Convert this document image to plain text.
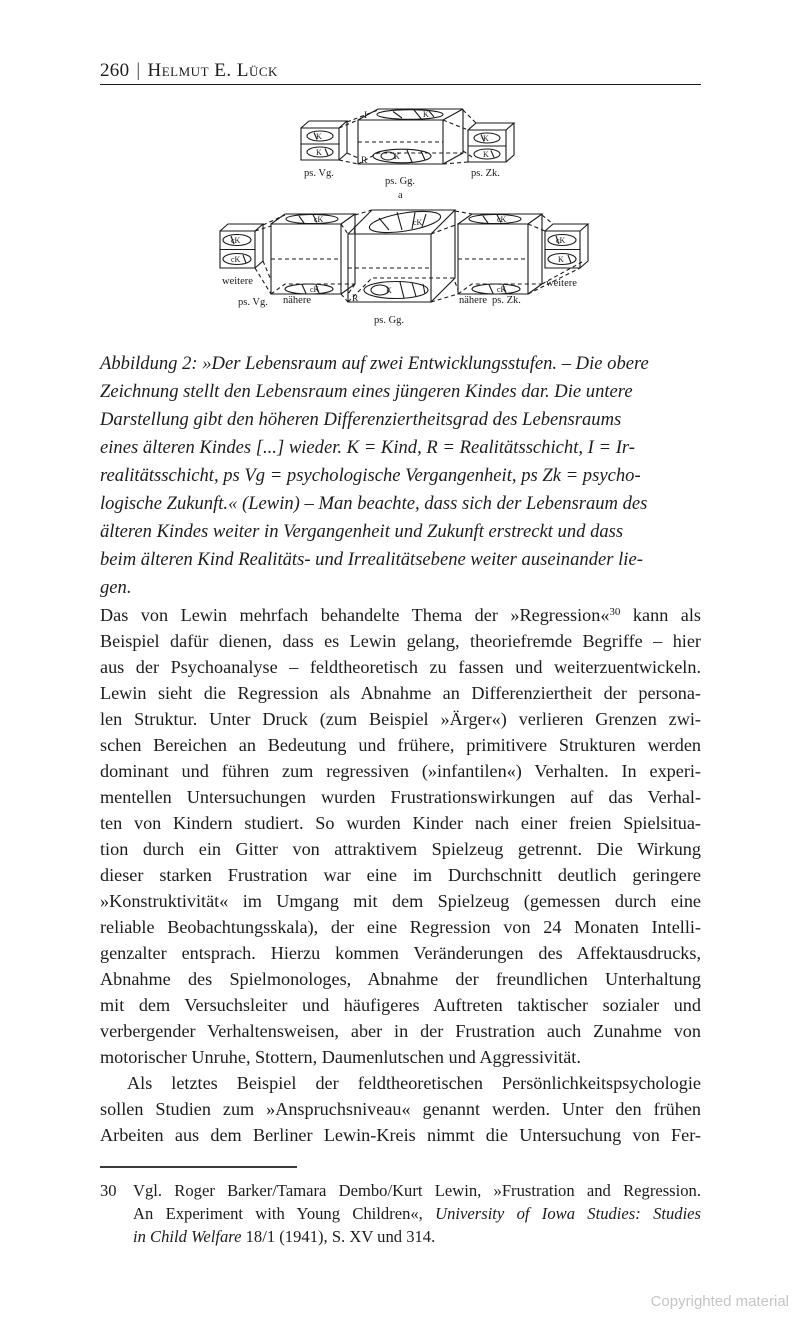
260 | Helmut E. Lück
I
R
K
K
K
K
K
K
ps. Vg.
ps. Gg.
ps. Zk.
a
I
R
cK
K
cK
cK
cK
cK
cK
cK
cK
K
weitere
ps. Vg. nähere
ps. Gg.
nähere ps. Zk.
weitere
Abbildung 2: »Der Lebensraum auf zwei Entwicklungsstufen. – Die obere
Zeichnung stellt den Lebensraum eines jüngeren Kindes dar. Die untere
Darstellung gibt den höheren Differenziertheitsgrad des Lebensraums
eines älteren Kindes [...] wieder. K = Kind, R = Realitätsschicht, I = Ir-
realitätsschicht, ps Vg = psychologische Vergangenheit, ps Zk = psycho-
logische Zukunft.« (Lewin) – Man beachte, dass sich der Lebensraum des
älteren Kindes weiter in Vergangenheit und Zukunft erstreckt und dass
beim älteren Kind Realitäts- und Irrealitätsebene weiter auseinander lie-
gen.
Das von Lewin mehrfach behandelte Thema der »Regression«$^{30}$ kann als
Beispiel dafür dienen, dass es Lewin gelang, theoriefremde Begriffe – hier
aus der Psychoanalyse – feldtheoretisch zu fassen und weiterzuentwickeln.
Lewin sieht die Regression als Abnahme an Differenziertheit der persona-
len Struktur. Unter Druck (zum Beispiel »Ärger«) verlieren Grenzen zwi-
schen Bereichen an Bedeutung und frühere, primitivere Strukturen werden
dominant und führen zum regressiven (»infantilen«) Verhalten. In experi-
mentellen Untersuchungen wurden Frustrationswirkungen auf das Verhal-
ten von Kindern studiert. So wurden Kinder nach einer freien Spielsitua-
tion durch ein Gitter von attraktivem Spielzeug getrennt. Die Wirkung
dieser starken Frustration war eine im Durchschnitt deutlich geringere
»Konstruktivität« im Umgang mit dem Spielzeug (gemessen durch eine
reliable Beobachtungsskala), der eine Regression von 24 Monaten Intelli-
genzalter entsprach. Hierzu kommen Veränderungen des Affektausdrucks,
Abnahme des Spielmonologes, Abnahme der freundlichen Unterhaltung
mit dem Versuchsleiter und häufigeres Auftreten taktischer sozialer und
verbergender Verhaltensweisen, aber in der Frustration auch Zunahme von
motorischer Unruhe, Stottern, Daumenlutschen und Aggressivität.
Als letztes Beispiel der feldtheoretischen Persönlichkeitspsychologie
sollen Studien zum »Anspruchsniveau« genannt werden. Unter den frühen
Arbeiten aus dem Berliner Lewin-Kreis nimmt die Untersuchung von Fer-
30 Vgl. Roger Barker/Tamara Dembo/Kurt Lewin, »Frustration and Regression.
An Experiment with Young Children«, University of Iowa Studies: Studies
in Child Welfare 18/1 (1941), S. XV und 314.
Copyrighted material
